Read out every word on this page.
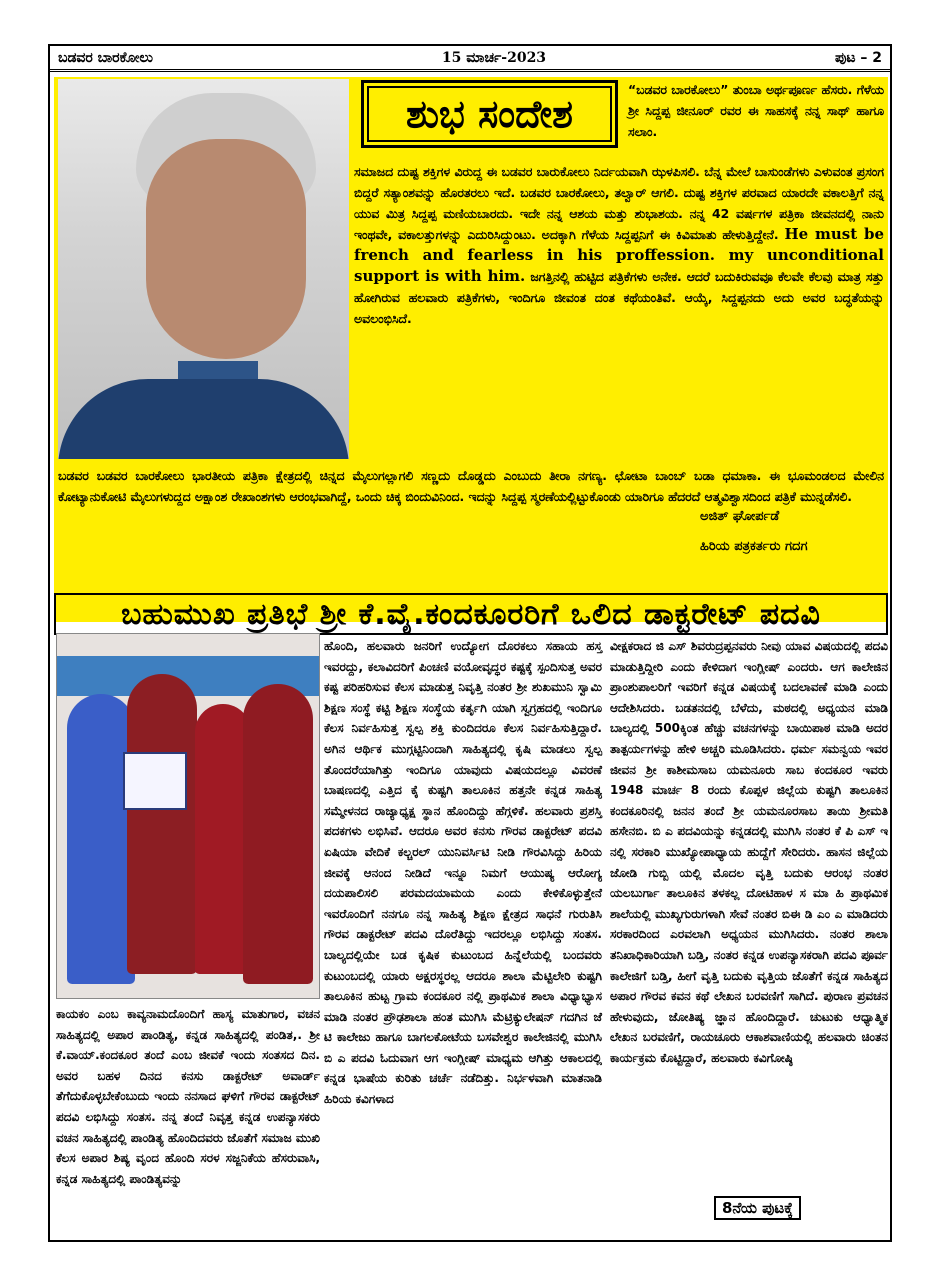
ಬಡವರ ಬಾರಕೋಲು	15 ಮಾರ್ಚ-2023	ಪುಟ – 2
ಶುಭ ಸಂದೇಶ
“ಬಡವರ ಬಾರಕೋಲು” ತುಂಬಾ ಅರ್ಥಪೂರ್ಣ ಹೆಸರು. ಗೆಳೆಯ ಶ್ರೀ ಸಿದ್ದಪ್ಪ ಜೀನೂರ್ ರವರ ಈ ಸಾಹಸಕ್ಕೆ ನನ್ನ ಸಾಥ್ ಹಾಗೂ ಸಲಾಂ.
ಸಮಾಜದ ದುಷ್ಟ ಶಕ್ತಿಗಳ ವಿರುದ್ದ ಈ ಬಡವರ ಬಾರುಕೋಲು ನಿರ್ದಯವಾಗಿ ಝಳಪಿಸಲಿ. ಬೆನ್ನ ಮೇಲೆ ಬಾಸುಂಡೆಗಳು ಎಳುವಂತ ಪ್ರಸಂಗ ಬಿದ್ದರೆ ಸತ್ಯಾಂಶವನ್ನು ಹೊರತರಲು ಇದೆ. ಬಡವರ ಬಾರಕೋಲು, ತಲ್ವಾರ್ ಆಗಲಿ. ದುಷ್ಟ ಶಕ್ತಿಗಳ ಪರವಾದ ಯಾರದೇ ವಕಾಲತ್ತಿಗೆ ನನ್ನ ಯುವ ಮಿತ್ರ ಸಿದ್ದಪ್ಪ ಮಣಿಯಬಾರದು. ಇದೇ ನನ್ನ ಆಶಯ ಮತ್ತು ಶುಭಾಶಯ. ನನ್ನ 42 ವರ್ಷಗಳ ಪತ್ರಿಕಾ ಜೀವನದಲ್ಲಿ ನಾನು ಇಂಥವೇ, ವಕಾಲತ್ತುಗಳನ್ನು ಎದುರಿಸಿದ್ದುಂಟು. ಅದಕ್ಕಾಗಿ ಗೆಳೆಯ ಸಿದ್ದಪ್ಪನಿಗೆ ಈ ಕಿವಿಮಾತು ಹೇಳುತ್ತಿದ್ದೇನೆ. He must be french and fearless in his proffession. my unconditional support is with him. ಜಗತ್ತಿನಲ್ಲಿ ಹುಟ್ಟಿದ ಪತ್ರಿಕೆಗಳು ಅನೇಕ. ಆದರೆ ಬದುಕಿರುವವೂ ಕೆಲವೇ ಕೆಲವು ಮಾತ್ರ ಸತ್ತು ಹೋಗಿರುವ ಹಲವಾರು ಪತ್ರಿಕೆಗಳು, ಇಂದಿಗೂ ಜೀವಂತ ದಂತ ಕಥೆಯಂತಿವೆ. ಆಯ್ಕೆ, ಸಿದ್ದಪ್ಪನದು ಅದು ಅವರ ಬದ್ಧತೆಯನ್ನು ಅವಲಂಭಿಸಿದೆ.
ಬಡವರ ಬಡವರ ಬಾರಕೋಲು ಭಾರತೀಯ ಪತ್ರಿಕಾ ಕ್ಷೇತ್ರದಲ್ಲಿ ಚಿನ್ನದ ಮೈಲುಗಲ್ಲಾಗಲಿ ಸಣ್ಣದು ದೊಡ್ಡದು ಎಂಬುದು ತೀರಾ ನಗಣ್ಯ. ಛೋಟಾ ಬಾಂಬ್ ಬಡಾ ಧಮಾಕಾ. ಈ ಭೂಮಂಡಲದ ಮೇಲಿನ ಕೋಟ್ಯಾನುಕೋಟಿ ಮೈಲುಗಳುದ್ದದ ಅಕ್ಷಾಂಶ ರೇಖಾಂಶಗಳು ಆರಂಭವಾಗಿದ್ದೆ, ಒಂದು ಚಿಕ್ಕ ಬಿಂದುವಿನಿಂದ. ಇದನ್ನು ಸಿದ್ದಪ್ಪ ಸ್ಮರಣೆಯಲ್ಲಿಟ್ಟುಕೊಂಡು ಯಾರಿಗೂ ಹೆದರದೆ ಆತ್ಮವಿಶ್ವಾಸದಿಂದ ಪತ್ರಿಕೆ ಮುನ್ನಡೆಸಲಿ.
ಅಜಿತ್ ಘೋರ್ಪಡೆ
ಹಿರಿಯ ಪತ್ರಕರ್ತರು ಗದಗ
ಬಹುಮುಖ ಪ್ರತಿಭೆ ಶ್ರೀ ಕೆ.ವೈ.ಕಂದಕೂರರಿಗೆ ಒಲಿದ ಡಾಕ್ಟರೇಟ್ ಪದವಿ
ಕಾಯಕಂ ಎಂಬ ಕಾವ್ಯನಾಮದೊಂದಿಗೆ ಹಾಸ್ಯ ಮಾತುಗಾರ, ವಚನ ಸಾಹಿತ್ಯದಲ್ಲಿ ಅಪಾರ ಪಾಂಡಿತ್ಯ, ಕನ್ನಡ ಸಾಹಿತ್ಯದಲ್ಲಿ ಪಂಡಿತ,. ಶ್ರೀ ಕೆ.ವಾಯ್.ಕಂದಕೂರ ತಂದೆ ಎಂಬ ಜೀವಕೆ ಇಂದು ಸಂತಸದ ದಿನ. ಅವರ ಬಹಳ ದಿನದ ಕನಸು ಡಾಕ್ಟರೇಟ್ ಅವಾರ್ಡ್ ತೆಗೆದುಕೊಳ್ಳಬೇಕೆಂಬುದು ಇಂದು ನನಸಾದ ಘಳಿಗೆ ಗೌರವ ಡಾಕ್ಟರೇಟ್ ಪದವಿ ಲಭಿಸಿದ್ದು ಸಂತಸ. ನನ್ನ ತಂದೆ ನಿವೃತ್ತ ಕನ್ನಡ ಉಪನ್ಯಾಸಕರು ವಚನ ಸಾಹಿತ್ಯದಲ್ಲಿ ಪಾಂಡಿತ್ಯ ಹೊಂದಿದವರು ಜೊತೆಗೆ ಸಮಾಜ ಮುಖಿ ಕೆಲಸ ಅಪಾರ ಶಿಷ್ಯ ವೃಂದ ಹೊಂದಿ ಸರಳ ಸಜ್ಜನಿಕೆಯ ಹೆಸರುವಾಸಿ, ಕನ್ನಡ ಸಾಹಿತ್ಯದಲ್ಲಿ ಪಾಂಡಿತ್ಯವನ್ನು
ಹೊಂದಿ, ಹಲವಾರು ಜನರಿಗೆ ಉದ್ಯೋಗ ದೊರಕಲು ಸಹಾಯ ಹಸ್ತ ಇವರದ್ದು, ಕಲಾವಿದರಿಗೆ ಪಿಂಚಣಿ ವಯೋವೃದ್ಧರ ಕಷ್ಟಕ್ಕೆ ಸ್ಪಂದಿಸುತ್ತ ಅವರ ಕಷ್ಟ ಪರಿಹರಿಸುವ ಕೆಲಸ ಮಾಡುತ್ತ ನಿವೃತ್ತಿ ನಂತರ ಶ್ರೀ ಶುಖಮುನಿ ಸ್ವಾಮಿ ಶಿಕ್ಷಣ ಸಂಸ್ಥೆ ಕಟ್ಟಿ ಶಿಕ್ಷಣ ಸಂಸ್ಥೆಯ ಕರ್ತೃಗಿ ಯಾಗಿ ಸ್ವಗ್ರಹದಲ್ಲಿ ಇಂದಿಗೂ ಕೆಲಸ ನಿರ್ವಹಿಸುತ್ತ ಸ್ವಲ್ಪ ಶಕ್ತಿ ಕುಂದಿದರೂ ಕೆಲಸ ನಿರ್ವಹಿಸುತ್ತಿದ್ದಾರೆ. ಅಗಿನ ಆರ್ಥಿಕ ಮುಗ್ಗಟ್ಟಿನಿಂದಾಗಿ ಸಾಹಿತ್ಯದಲ್ಲಿ ಕೃಷಿ ಮಾಡಲು ಸ್ವಲ್ಪ ತೊಂದರೆಯಾಗಿತ್ತು ಇಂದಿಗೂ ಯಾವುದು ವಿಷಯದಲ್ಲೂ ವಿವರಣೆ ಬಾಷಣದಲ್ಲಿ ಎತ್ತಿದ ಕೈ ಕುಷ್ಟಗಿ ತಾಲೂಕಿನ ಹತ್ತನೇ ಕನ್ನಡ ಸಾಹಿತ್ಯ ಸಮ್ಮೇಳನದ ರಾಜ್ಯಾಧ್ಯಕ್ಷ ಸ್ಥಾನ ಹೊಂದಿದ್ದು ಹೆಗ್ಗಳಿಕೆ. ಹಲವಾರು ಪ್ರಶಸ್ತಿ ಪದಕಗಳು ಲಭಿಸಿವೆ. ಆದರೂ ಅವರ ಕನಸು ಗೌರವ ಡಾಕ್ಟರೇಟ್ ಪದವಿ ಏಷಿಯಾ ವೇದಿಕೆ ಕಲ್ಚರಲ್ ಯುನಿವರ್ಸಿಟಿ ನೀಡಿ ಗೌರವಿಸಿದ್ದು ಹಿರಿಯ ಜೀವಕ್ಕೆ ಆನಂದ ನೀಡಿದೆ ಇನ್ನೂ ನಿಮಗೆ ಆಯುಷ್ಯ ಆರೋಗ್ಯ ದಯಪಾಲಿಸಲಿ ಪರಮದಯಾಮಯ ಎಂದು ಕೇಳಿಕೊಳ್ಳುತ್ತೇನೆ ಇವರೊಂದಿಗೆ ನನಗೂ ನನ್ನ ಸಾಹಿತ್ಯ ಶಿಕ್ಷಣ ಕ್ಷೇತ್ರದ ಸಾಧನೆ ಗುರುತಿಸಿ ಗೌರವ ಡಾಕ್ಟರೇಟ್ ಪದವಿ ದೊರೆತಿದ್ದು ಇದರಲ್ಲೂ ಲಭಿಸಿದ್ದು ಸಂತಸ. ಬಾಲ್ಯದಲ್ಲಿಯೇ ಬಡ ಕೃಷಿಕ ಕುಟುಂಬದ ಹಿನ್ನೆಲೆಯಲ್ಲಿ ಬಂದವರು ಕುಟುಂಬದಲ್ಲಿ ಯಾರು ಅಕ್ಷರಸ್ಥರಲ್ಲ ಆದರೂ ಶಾಲಾ ಮೆಟ್ಟಿಲೇರಿ ಕುಷ್ಟಗಿ ತಾಲೂಕಿನ ಹುಟ್ಟ ಗ್ರಾಮ ಕಂದಕೂರ ನಲ್ಲಿ ಪ್ರಾಥಮಿಕ ಶಾಲಾ ವಿಧ್ಯಾಭ್ಯಾಸ ಮಾಡಿ ನಂತರ ಪ್ರೌಢಶಾಲಾ ಹಂತ ಮುಗಿಸಿ ಮೆಟ್ರಿಕ್ಯುಲೇಷನ್ ಗದಗಿನ ಜೆ ಟಿ ಕಾಲೇಜು ಹಾಗೂ ಬಾಗಲಕೋಟೆಯ ಬಸವೇಶ್ವರ ಕಾಲೇಜಿನಲ್ಲಿ ಮುಗಿಸಿ ಬಿ ಎ ಪದವಿ ಓದುವಾಗ ಆಗ ಇಂಗ್ಲೀಷ್ ಮಾಧ್ಯಮ ಆಗಿತ್ತು ಆಕಾಲದಲ್ಲಿ ಕನ್ನಡ ಭಾಷೆಯ ಕುರಿತು ಚರ್ಚೆ ನಡೆದಿತ್ತು. ನಿರ್ಭಳವಾಗಿ ಮಾತನಾಡಿ ಹಿರಿಯ ಕವಿಗಳಾದ
ವೀಕ್ಷಕರಾದ ಜಿ ಎಸ್ ಶಿವರುದ್ರಪ್ಪನವರು ನೀವು ಯಾವ ವಿಷಯದಲ್ಲಿ ಪದವಿ ಮಾಡುತ್ತಿದ್ದೀರಿ ಎಂದು ಕೇಳಿದಾಗ ಇಂಗ್ಲೀಷ್ ಎಂದರು. ಆಗ ಕಾಲೇಜಿನ ಪ್ರಾಂಶುಪಾಲರಿಗೆ ಇವರಿಗೆ ಕನ್ನಡ ವಿಷಯಕ್ಕೆ ಬದಲಾವಣೆ ಮಾಡಿ ಎಂದು ಆದೇಶಿಸಿದರು. ಬಡತನದಲ್ಲಿ ಬೆಳೆದು, ಮಠದಲ್ಲಿ ಅಧ್ಯಯನ ಮಾಡಿ ಬಾಲ್ಯದಲ್ಲಿ 500ಕ್ಕಿಂತ ಹೆಚ್ಚು ವಚನಗಳನ್ನು ಬಾಯಿಪಾಠ ಮಾಡಿ ಅದರ ತಾತ್ಪರ್ಯಗಳನ್ನು ಹೇಳಿ ಅಚ್ಚರಿ ಮೂಡಿಸಿದರು. ಧರ್ಮ ಸಮನ್ವಯ ಇವರ ಜೀವನ ಶ್ರೀ ಕಾಶೀಮಸಾಬ ಯಮನೂರು ಸಾಬ ಕಂದಕೂರ ಇವರು 1948 ಮಾರ್ಚ 8 ರಂದು ಕೊಪ್ಪಳ ಜಿಲ್ಲೆಯ ಕುಷ್ಟಗಿ ತಾಲೂಕಿನ ಕಂದಕೂರಿನಲ್ಲಿ ಜನನ ತಂದೆ ಶ್ರೀ ಯಮನೂರಸಾಬ ತಾಯಿ ಶ್ರೀಮತಿ ಹಸೇನಬಿ. ಬಿ ಎ ಪದವಿಯನ್ನು ಕನ್ನಡದಲ್ಲಿ ಮುಗಿಸಿ ನಂತರ ಕೆ ಪಿ ಎಸ್ ಇ ನಲ್ಲಿ ಸರಕಾರಿ ಮುಖ್ಯೋಪಾಧ್ಯಾಯ ಹುದ್ದೆಗೆ ಸೇರಿದರು. ಹಾಸನ ಜಿಲ್ಲೆಯ ಜೋಡಿ ಗುಬ್ಬಿ ಯಲ್ಲಿ ಮೊದಲ ವೃತ್ತಿ ಬದುಕು ಆರಂಭ ನಂತರ ಯಲಬುರ್ಗಾ ತಾಲೂಕಿನ ತಳಕಲ್ಲ ದೋಟಿಹಾಳ ಸ ಮಾ ಹಿ ಪ್ರಾಥಮಿಕ ಶಾಲೆಯಲ್ಲಿ ಮುಖ್ಯಗುರುಗಳಾಗಿ ಸೇವೆ ನಂತರ ಬಿಈ ಡಿ ಎಂ ಎ ಮಾಡಿದರು ಸರಕಾರದಿಂದ ಎರವಲಾಗಿ ಅಧ್ಯಯನ ಮುಗಿಸಿದರು. ನಂತರ ಶಾಲಾ ತನಿಖಾಧಿಕಾರಿಯಾಗಿ ಬಡ್ತಿ, ನಂತರ ಕನ್ನಡ ಉಪನ್ಯಾಸಕರಾಗಿ ಪದವಿ ಪೂರ್ವ ಕಾಲೇಜಿಗೆ ಬಡ್ತಿ, ಹೀಗೆ ವೃತ್ತಿ ಬದುಕು ವೃತ್ತಿಯ ಜೊತೆಗೆ ಕನ್ನಡ ಸಾಹಿತ್ಯದ ಅಪಾರ ಗೌರವ ಕವನ ಕಥೆ ಲೇಖನ ಬರವಣಿಗೆ ಸಾಗಿದೆ. ಪುರಾಣ ಪ್ರವಚನ ಹೇಳುವುದು, ಜೋತಿಷ್ಯ ಜ್ಞಾನ ಹೊಂದಿದ್ದಾರೆ. ಚುಟುಕು ಆಧ್ಯಾತ್ಮಿಕ ಲೇಖನ ಬರವಣಿಗೆ, ರಾಯಚೂರು ಆಕಾಶವಾಣಿಯಲ್ಲಿ ಹಲವಾರು ಚಿಂತನ ಕಾರ್ಯಕ್ರಮ ಕೊಟ್ಟಿದ್ದಾರೆ, ಹಲವಾರು ಕವಿಗೋಷ್ಠಿ
8ನೆಯ ಪುಟಕ್ಕೆ
